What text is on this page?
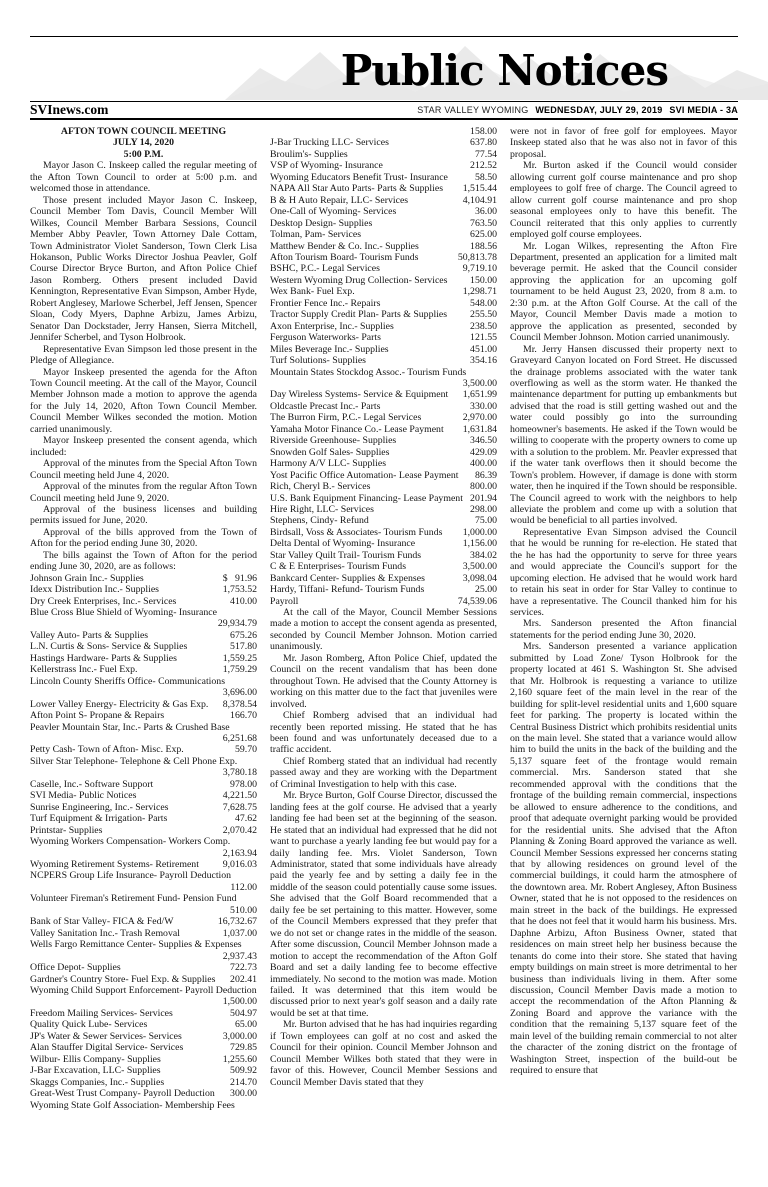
Public Notices
SVInews.com	STAR VALLEY WYOMING WEDNESDAY, JULY 29, 2019 SVI MEDIA - 3A
AFTON TOWN COUNCIL MEETING
JULY 14, 2020
5:00 P.M.

Mayor Jason C. Inskeep called the regular meeting of the Afton Town Council to order at 5:00 p.m. and welcomed those in attendance.

Those present included Mayor Jason C. Inskeep, Council Member Tom Davis, Council Member Will Wilkes, Council Member Barbara Sessions, Council Member Abby Peavler, Town Attorney Dale Cottam, Town Administrator Violet Sanderson, Town Clerk Lisa Hokanson, Public Works Director Joshua Peavler, Golf Course Director Bryce Burton, and Afton Police Chief Jason Romberg. Others present included David Kennington, Representative Evan Simpson, Amber Hyde, Robert Anglesey, Marlowe Scherbel, Jeff Jensen, Spencer Sloan, Cody Myers, Daphne Arbizu, James Arbizu, Senator Dan Dockstader, Jerry Hansen, Sierra Mitchell, Jennifer Scherbel, and Tyson Holbrook.

Representative Evan Simpson led those present in the Pledge of Allegiance.

Mayor Inskeep presented the agenda for the Afton Town Council meeting. At the call of the Mayor, Council Member Johnson made a motion to approve the agenda for the July 14, 2020, Afton Town Council Member. Council Member Wilkes seconded the motion. Motion carried unanimously.

Mayor Inskeep presented the consent agenda, which included:

Approval of the minutes from the Special Afton Town Council meeting held June 4, 2020.

Approval of the minutes from the regular Afton Town Council meeting held June 9, 2020.

Approval of the business licenses and building permits issued for June, 2020.

Approval of the bills approved from the Town of Afton for the period ending June 30, 2020.

The bills against the Town of Afton for the period ending June 30, 2020, are as follows:

Johnson Grain Inc.- Supplies	$   91.96
Idexx Distribution Inc.- Supplies	1,753.52
Dry Creek Enterprises, Inc.- Services	410.00
Blue Cross Blue Shield of Wyoming- Insurance
29,934.79
Valley Auto- Parts & Supplies	675.26
L.N. Curtis & Sons- Service & Supplies	517.80
Hastings Hardware- Parts & Supplies	1,559.25
Kellerstrass Inc.- Fuel Exp.	1,759.29
Lincoln County Sheriffs Office- Communications
3,696.00
Lower Valley Energy- Electricity & Gas Exp.	8,378.54
Afton Point S- Propane & Repairs	166.70
Peavler Mountain Star, Inc.- Parts & Crushed Base
6,251.68
Petty Cash- Town of Afton- Misc. Exp.	59.70
Silver Star Telephone- Telephone & Cell Phone Exp.
3,780.18
Caselle, Inc.- Software Support	978.00
SVI Media- Public Notices	4,221.50
Sunrise Engineering, Inc.- Services	7,628.75
Turf Equipment & Irrigation- Parts	47.62
Printstar- Supplies	2,070.42
Wyoming Workers Compensation- Workers Comp.
2,163.94
Wyoming Retirement Systems- Retirement	9,016.03
NCPERS Group Life Insurance- Payroll Deduction
112.00
Volunteer Fireman's Retirement Fund- Pension Fund
510.00
Bank of Star Valley- FICA & Fed/W	16,732.67
Valley Sanitation Inc.- Trash Removal	1,037.00
Wells Fargo Remittance Center- Supplies & Expenses
2,937.43
Office Depot- Supplies	722.73
Gardner's Country Store- Fuel Exp. & Supplies	202.41
Wyoming Child Support Enforcement- Payroll Deduction
1,500.00
Freedom Mailing Services- Services	504.97
Quality Quick Lube- Services	65.00
JP's Water & Sewer Services- Services	3,000.00
Alan Stauffer Digital Service- Services	729.85
Wilbur- Ellis Company- Supplies	1,255.60
J-Bar Excavation, LLC- Supplies	509.92
Skaggs Companies, Inc.- Supplies	214.70
Great-West Trust Company- Payroll Deduction	300.00
Wyoming State Golf Association- Membership Fees
158.00
J-Bar Trucking LLC- Services	637.80
Broulim's- Supplies	77.54
VSP of Wyoming- Insurance	212.52
Wyoming Educators Benefit Trust- Insurance	58.50
NAPA All Star Auto Parts- Parts & Supplies	1,515.44
B & H Auto Repair, LLC- Services	4,104.91
One-Call of Wyoming- Services	36.00
Desktop Design- Supplies	763.50
Tolman, Pam- Services	625.00
Matthew Bender & Co. Inc.- Supplies	188.56
Afton Tourism Board- Tourism Funds	50,813.78
BSHC, P.C.- Legal Services	9,719.10
Western Wyoming Drug Collection- Services	150.00
Wex Bank- Fuel Exp.	1,298.71
Frontier Fence Inc.- Repairs	548.00
Tractor Supply Credit Plan- Parts & Supplies	255.50
Axon Enterprise, Inc.- Supplies	238.50
Ferguson Waterworks- Parts	121.55
Miles Beverage Inc.- Supplies	451.00
Turf Solutions- Supplies	354.16
Mountain States Stockdog Assoc.- Tourism Funds
3,500.00
Day Wireless Systems- Service & Equipment	1,651.99
Oldcastle Precast Inc.- Parts	330.00
The Burron Firm, P.C.- Legal Services	2,970.00
Yamaha Motor Finance Co.- Lease Payment	1,631.84
Riverside Greenhouse- Supplies	346.50
Snowden Golf Sales- Supplies	429.09
Harmony A/V LLC- Supplies	400.00
Yost Pacific Office Automation- Lease Payment	86.39
Rich, Cheryl B.- Services	800.00
U.S. Bank Equipment Financing- Lease Payment 201.94
Hire Right, LLC- Services	298.00
Stephens, Cindy- Refund	75.00
Birdsall, Voss & Associates- Tourism Funds	1,000.00
Delta Dental of Wyoming- Insurance	1,156.00
Star Valley Quilt Trail- Tourism Funds	384.02
C & E Enterprises- Tourism Funds	3,500.00
Bankcard Center- Supplies & Expenses	3,098.04
Hardy, Tiffani- Refund- Tourism Funds	25.00
Payroll	74,539.06

At the call of the Mayor, Council Member Sessions made a motion to accept the consent agenda as presented, seconded by Council Member Johnson. Motion carried unanimously.

Mr. Jason Romberg, Afton Police Chief, updated the Council on the recent vandalism that has been done throughout Town. He advised that the County Attorney is working on this matter due to the fact that juveniles were involved.

Chief Romberg advised that an individual had recently been reported missing. He stated that he has been found and was unfortunately deceased due to a traffic accident.

Chief Romberg stated that an individual had recently passed away and they are working with the Department of Criminal Investigation to help with this case.

Mr. Bryce Burton, Golf Course Director, discussed the landing fees at the golf course. He advised that a yearly landing fee had been set at the beginning of the season. He stated that an individual had expressed that he did not want to purchase a yearly landing fee but would pay for a daily landing fee. Mrs. Violet Sanderson, Town Administrator, stated that some individuals have already paid the yearly fee and by setting a daily fee in the middle of the season could potentially cause some issues. She advised that the Golf Board recommended that a daily fee be set pertaining to this matter. However, some of the Council Members expressed that they prefer that we do not set or change rates in the middle of the season. After some discussion, Council Member Johnson made a motion to accept the recommendation of the Afton Golf Board and set a daily landing fee to become effective immediately. No second to the motion was made. Motion failed. It was determined that this item would be discussed prior to next year's golf season and a daily rate would be set at that time.

Mr. Burton advised that he has had inquiries regarding if Town employees can golf at no cost and asked the Council for their opinion. Council Member Johnson and Council Member Wilkes both stated that they were in favor of this. However, Council Member Sessions and Council Member Davis stated that they

were not in favor of free golf for employees. Mayor Inskeep stated also that he was also not in favor of this proposal.

Mr. Burton asked if the Council would consider allowing current golf course maintenance and pro shop employees to golf free of charge. The Council agreed to allow current golf course maintenance and pro shop seasonal employees only to have this benefit. The Council reiterated that this only applies to currently employed golf course employees.

Mr. Logan Wilkes, representing the Afton Fire Department, presented an application for a limited malt beverage permit. He asked that the Council consider approving the application for an upcoming golf tournament to be held August 23, 2020, from 8 a.m. to 2:30 p.m. at the Afton Golf Course. At the call of the Mayor, Council Member Davis made a motion to approve the application as presented, seconded by Council Member Johnson. Motion carried unanimously.

Mr. Jerry Hansen discussed their property next to Graveyard Canyon located on Ford Street. He discussed the drainage problems associated with the water tank overflowing as well as the storm water. He thanked the maintenance department for putting up embankments but advised that the road is still getting washed out and the water could possibly go into the surrounding homeowner's basements. He asked if the Town would be willing to cooperate with the property owners to come up with a solution to the problem. Mr. Peavler expressed that if the water tank overflows then it should become the Town's problem. However, if damage is done with storm water, then he inquired if the Town should be responsible. The Council agreed to work with the neighbors to help alleviate the problem and come up with a solution that would be beneficial to all parties involved.

Representative Evan Simpson advised the Council that he would be running for re-election. He stated that the he has had the opportunity to serve for three years and would appreciate the Council's support for the upcoming election. He advised that he would work hard to retain his seat in order for Star Valley to continue to have a representative. The Council thanked him for his services.

Mrs. Sanderson presented the Afton financial statements for the period ending June 30, 2020.

Mrs. Sanderson presented a variance application submitted by Load Zone/ Tyson Holbrook for the property located at 461 S. Washington St. She advised that Mr. Holbrook is requesting a variance to utilize 2,160 square feet of the main level in the rear of the building for split-level residential units and 1,600 square feet for parking. The property is located within the Central Business District which prohibits residential units on the main level. She stated that a variance would allow him to build the units in the back of the building and the 5,137 square feet of the frontage would remain commercial. Mrs. Sanderson stated that she recommended approval with the conditions that the frontage of the building remain commercial, inspections be allowed to ensure adherence to the conditions, and proof that adequate overnight parking would be provided for the residential units. She advised that the Afton Planning & Zoning Board approved the variance as well. Council Member Sessions expressed her concerns stating that by allowing residences on ground level of the commercial buildings, it could harm the atmosphere of the downtown area. Mr. Robert Anglesey, Afton Business Owner, stated that he is not opposed to the residences on main street in the back of the buildings. He expressed that he does not feel that it would harm his business. Mrs. Daphne Arbizu, Afton Business Owner, stated that residences on main street help her business because the tenants do come into their store. She stated that having empty buildings on main street is more detrimental to her business than individuals living in them. After some discussion, Council Member Davis made a motion to accept the recommendation of the Afton Planning & Zoning Board and approve the variance with the condition that the remaining 5,137 square feet of the main level of the building remain commercial to not alter the character of the zoning district on the frontage of Washington Street, inspection of the build-out be required to ensure that
